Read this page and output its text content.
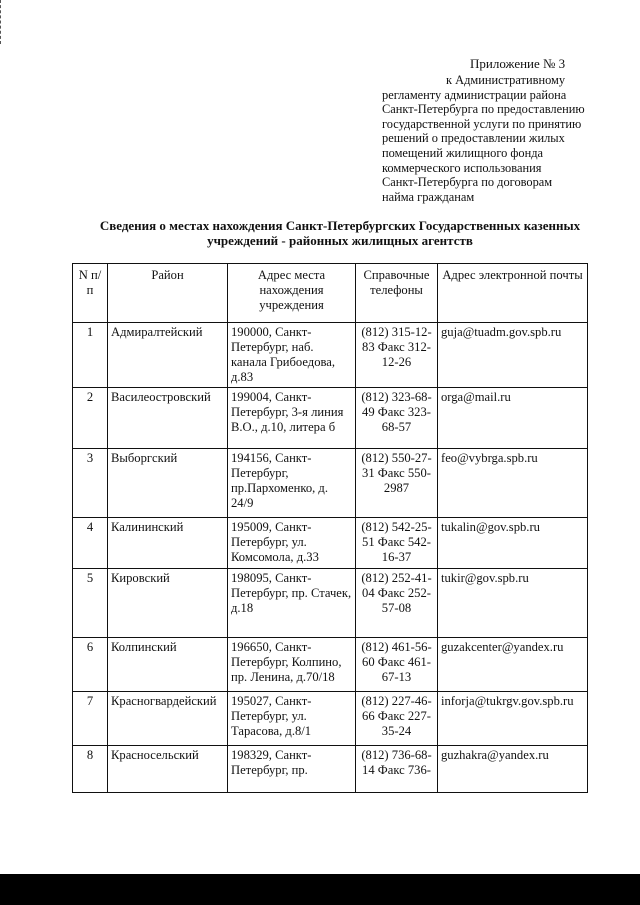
Приложение № 3
к Административному
регламенту администрации района
Санкт-Петербурга по предоставлению
государственной услуги по принятию
решений о предоставлении жилых
помещений жилищного фонда
коммерческого использования
Санкт-Петербурга по договорам
найма гражданам
Сведения о местах нахождения Санкт-Петербургских Государственных казенных
учреждений - районных жилищных агентств
N п/п	Район	Адрес места нахождения учреждения	Справочные телефоны	Адрес электронной почты
1	Адмиралтейский	190000, Санкт-Петербург, наб. канала Грибоедова, д.83	(812) 315-12-83 Факс 312-12-26	guja@tuadm.gov.spb.ru
2	Василеостровский	199004, Санкт-Петербург, 3-я линия В.О., д.10, литера б	(812) 323-68-49 Факс 323-68-57	orga@mail.ru
3	Выборгский	194156, Санкт-Петербург, пр.Пархоменко, д. 24/9	(812) 550-27-31 Факс 550-2987	feo@vybrga.spb.ru
4	Калининский	195009, Санкт-Петербург, ул. Комсомола, д.33	(812) 542-25-51 Факс 542-16-37	tukalin@gov.spb.ru
5	Кировский	198095, Санкт-Петербург, пр. Стачек, д.18	(812) 252-41-04 Факс 252-57-08	tukir@gov.spb.ru
6	Колпинский	196650, Санкт-Петербург, Колпино, пр. Ленина, д.70/18	(812) 461-56-60 Факс 461-67-13	guzakcenter@yandex.ru
7	Красногвардейский	195027, Санкт-Петербург, ул. Тарасова, д.8/1	(812) 227-46-66 Факс 227-35-24	inforja@tukrgv.gov.spb.ru
8	Красносельский	198329, Санкт-Петербург, пр.	(812) 736-68-14 Факс 736-	guzhakra@yandex.ru
